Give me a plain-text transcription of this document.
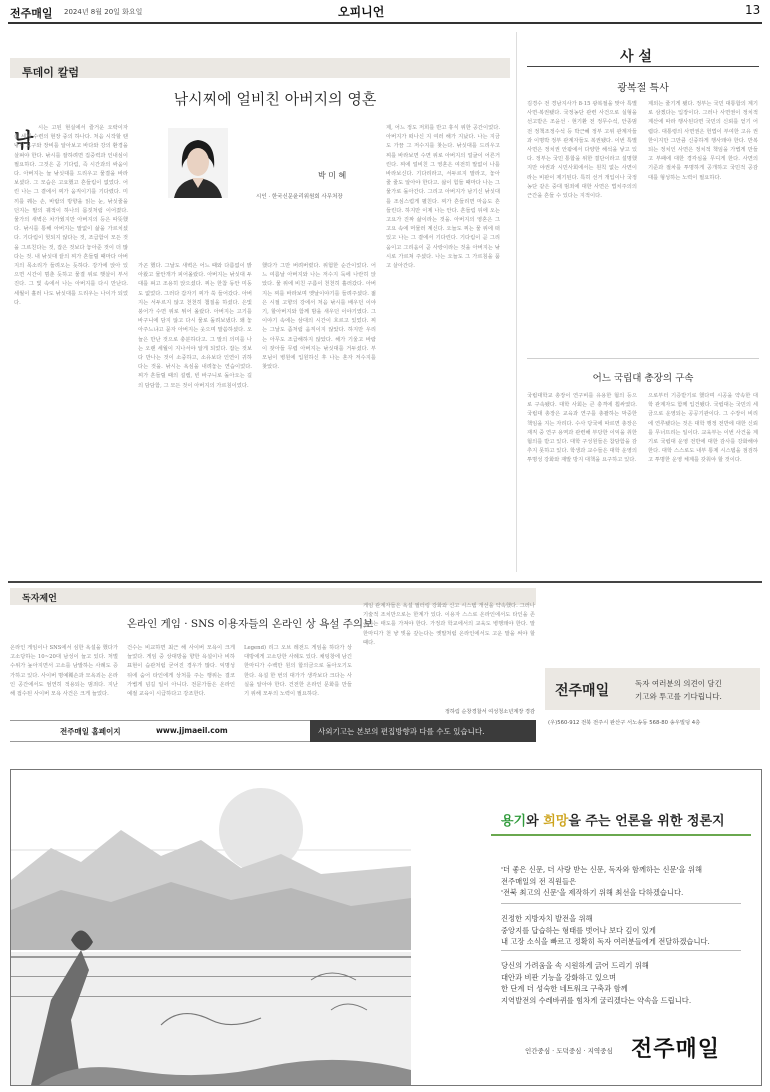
전주매일 2024년 8월 20일 화요일	오피니언	13
투데이 칼럼
낚시찌에 얼비친 아버지의 영혼
박 미 혜
시인 · 한국신문윤리위원회 사무처장
낚 시는 고된 현실에서 즐거운 오락이자 삶 세계 수련의 현장 중의 하나다. 처음 시작할 땐 낚시 도구와 장비를 알아보고 바다와 강의 환경을 살펴야 한다. 낚시를 잘하려면 집중력과 인내심이 필요하다. 그것은 곧 기다림, 즉 시간과의 싸움이다. 아버지는 늘 낚싯대를 드리우고 물결을 바라보셨다. 그 모습은 고요했고 흔들림이 없었다. 어린 나는 그 곁에서 찌가 움직이기를 기다렸다. 미끼를 꿰는 손, 바람의 방향을 읽는 눈, 낚싯줄을 던지는 팔의 궤적이 하나의 몸짓처럼 이어졌다. 물가의 새벽은 차가웠지만 아버지의 등은 따뜻했다. 낚시를 통해 아버지는 말없이 삶을 가르치셨다. 기다림이 헛되지 않다는 것, 조급함이 모든 것을 그르친다는 것, 잡은 것보다 놓아준 것이 더 많다는 것. 내 낚싯대 끝의 찌가 흔들릴 때마다 아버지의 목소리가 들려오는 듯하다. 강가에 앉아 있으면 시간이 멈춘 듯하고 물결 위로 햇살이 부서진다. 그 빛 속에서 나는 아버지를 다시 만난다. 세월이 흘러 나도 낚싯대를 드리우는 나이가 되었다.
가곤 했다. 그날도 새벽은 어느 때와 다름없이 밝아왔고 물안개가 피어올랐다. 아버지는 낚싯대 두 대를 펴고 조용히 앉으셨다. 찌는 한참 동안 미동도 없었다. 그러다 갑자기 찌가 쑥 들어갔다. 아버지는 서두르지 않고 천천히 챔질을 하셨다. 은빛 붕어가 수면 위로 튀어 올랐다. 아버지는 고기를 바구니에 담지 않고 다시 물로 돌려보냈다. 왜 놓아주느냐고 묻자 아버지는 웃으며 말씀하셨다. 오늘은 만난 것으로 충분하다고. 그 말의 의미를 나는 오랜 세월이 지나서야 알게 되었다. 잡는 것보다 만나는 것이 소중하고, 소유보다 인연이 귀하다는 것을. 낚시는 욕심을 내려놓는 연습이었다. 찌가 흔들릴 때의 설렘, 빈 바구니로 돌아오는 길의 담담함, 그 모든 것이 아버지의 가르침이었다.
했다가 그만 버려버렸다. 위험한 순간이었다. 어느 여름날 아버지와 나는 저수지 둑에 나란히 앉았다. 물 위에 비친 구름이 천천히 흘러갔다. 아버지는 찌를 바라보며 옛날이야기를 들려주셨다. 젊은 시절 고향의 강에서 처음 낚시를 배우던 이야기, 할아버지와 함께 밤을 새우던 이야기였다. 그 이야기 속에는 삼대의 시간이 흐르고 있었다. 찌는 그날도 좀처럼 움직이지 않았다. 하지만 우리는 아무도 조급해하지 않았다. 해가 기울고 바람이 잦아들 무렵 아버지는 낚싯대를 거두셨다. 부모님이 병원에 입원하신 후 나는 혼자 저수지를 찾았다.
제, 어느 정도 저희를 반고 휴식 위한 공간이었다. 아버지가 떠나신 지 여러 해가 지났다. 나는 지금도 가끔 그 저수지를 찾는다. 낚싯대를 드리우고 찌를 바라보면 수면 위로 아버지의 얼굴이 어른거린다. 찌에 얼비친 그 영혼은 여전히 말없이 나를 바라보신다. 기다리라고, 서두르지 말라고, 놓아줄 줄도 알아야 한다고. 삶이 힘들 때마다 나는 그 물가로 돌아간다. 그리고 아버지가 남기신 낚싯대를 조심스럽게 펼친다. 찌가 흔들리면 마음도 흔들린다. 하지만 이제 나는 안다. 흔들림 뒤에 오는 고요가 진짜 삶이라는 것을. 아버지의 영혼은 그 고요 속에 머물러 계신다. 오늘도 찌는 물 위에 떠 있고 나는 그 곁에서 기다린다. 기다림이 곧 그리움이고 그리움이 곧 사랑이라는 것을 아버지는 낚시로 가르쳐 주셨다. 나는 오늘도 그 가르침을 품고 살아간다.
사 설
광복절 특사
김경수 전 경남지사가 8·15 광복절을 맞아 특별사면·복권됐다. 국정농단 관련 사건으로 실형을 선고받은 조윤선 · 현기환 전 정무수석, 안종범 전 정책조정수석 등 박근혜 정부 고위 관계자들과 이명박 정부 관계자들도 복권됐다. 이번 특별사면은 정치권 안팎에서 다양한 해석을 낳고 있다. 정부는 국민 통합을 위한 결단이라고 설명했지만 야권과 시민사회에서는 원칙 없는 사면이라는 비판이 제기된다. 특히 선거 개입이나 국정농단 같은 중대 범죄에 대한 사면은 법치주의의 근간을 흔들 수 있다는 지적이다.
제외는 줄기게 됐다. 정부는 국민 대통합의 계기로 삼겠다는 입장이다. 그러나 사면권이 정치적 계산에 따라 행사된다면 국민의 신뢰를 얻기 어렵다. 대통령의 사면권은 헌법이 부여한 고유 권한이지만 그만큼 신중하게 행사돼야 한다. 반복되는 정치인 사면은 정치적 책임을 가볍게 만들고 부패에 대한 경각심을 무디게 한다. 사면의 기준과 절차를 투명하게 공개하고 국민적 공감대를 형성하는 노력이 필요하다.
어느 국립대 총장의 구속
국립대학교 총장이 연구비를 유용한 혐의 등으로 구속됐다. 대학 사회는 큰 충격에 휩싸였다. 국립대 총장은 교육과 연구를 총괄하는 막중한 책임을 지는 자리다. 수사 당국에 따르면 총장은 재직 중 연구 용역과 관련해 부당한 이익을 취한 혐의를 받고 있다. 대학 구성원들은 참담함을 감추지 못하고 있다. 학생과 교수들은 대학 운영의 투명성 강화와 재발 방지 대책을 요구하고 있다.
으로부터 기증받기로 했다며 시공을 약속한 대학 관계자도 함께 입건됐다. 국립대는 국민의 세금으로 운영되는 공공기관이다. 그 수장이 비리에 연루됐다는 것은 대학 행정 전반에 대한 신뢰를 무너뜨리는 일이다. 교육부는 이번 사건을 계기로 국립대 운영 전반에 대한 감사를 강화해야 한다. 대학 스스로도 내부 통제 시스템을 점검하고 투명한 운영 체계를 갖춰야 할 것이다.
독자제언
온라인 게임 · SNS 이용자들의 온라인 상 욕설 주의보
온라인 게임이나 SNS에서 심한 욕설을 했다가 고소당하는 10~20대 남성이 늘고 있다. 처벌 수위가 높아지면서 고소를 남발하는 사례도 증가하고 있다. 사이버 명예훼손과 모욕죄는 온라인 공간에서도 엄연히 적용되는 범죄다. 지난 해 접수된 사이버 모욕 사건은 크게 늘었다.
건수는 비교하면 최근 해 사이버 모욕이 크게 늘었다. 게임 중 상대방을 향한 욕설이나 비하 표현이 습관처럼 굳어진 경우가 많다. 익명성 뒤에 숨어 타인에게 상처를 주는 행위는 결코 가볍게 넘길 일이 아니다. 전문가들은 온라인 예절 교육이 시급하다고 강조한다.
Legend) 리그 오브 레전드 게임을 하다가 상대방에게 고소당한 사례도 있다. 채팅창에 남긴 한마디가 수백만 원의 합의금으로 돌아오기도 한다. 욕설 한 번의 대가가 생각보다 크다는 사실을 알아야 한다. 건전한 온라인 문화를 만들기 위해 모두의 노력이 필요하다.
게임 관계자들은 욕설 필터링 강화와 신고 시스템 개선을 약속했다. 그러나 기술적 조치만으로는 한계가 있다. 이용자 스스로 온라인에서도 타인을 존중하는 태도를 가져야 한다. 가정과 학교에서의 교육도 병행돼야 한다. 말 한마디가 천 냥 빚을 갚는다는 옛말처럼 온라인에서도 고운 말을 써야 할 때다.
정하림 순창경찰서 여성청소년계장 경감
전주매일 홈페이지	www.jjmaeil.com	사외기고는 본보의 편집방향과 다를 수도 있습니다.
전주매일	독자 여러분의 의견이 담긴
기고와 투고를 기다립니다.
(우)560-912 전북 전주시 완산구 서노송동 568-80 송우빌딩 4층
용기와 희망을 주는 언론을 위한 정론지
'더 좋은 신문, 더 사랑 받는 신문, 독자와 함께하는 신문'을 위해
전주매일의 전 직원들은
'전북 최고의 신문'을 제작하기 위해 최선을 다하겠습니다.
진정한 지방자치 발전을 위해
중앙지를 답습하는 형태를 벗어나 보다 깊이 있게
내 고장 소식을 빠르고 정확히 독자 여러분들에게 전달하겠습니다.
당신의 가려움을 속 시원하게 긁어 드리기 위해
대안과 비판 기능을 강화하고 있으며
한 단계 더 성숙한 네트워크 구축과 함께
지역발전의 수레바퀴를 힘차게 굴리겠다는 약속을 드립니다.
인간중심 · 도덕중심 · 지역중심 전주매일
